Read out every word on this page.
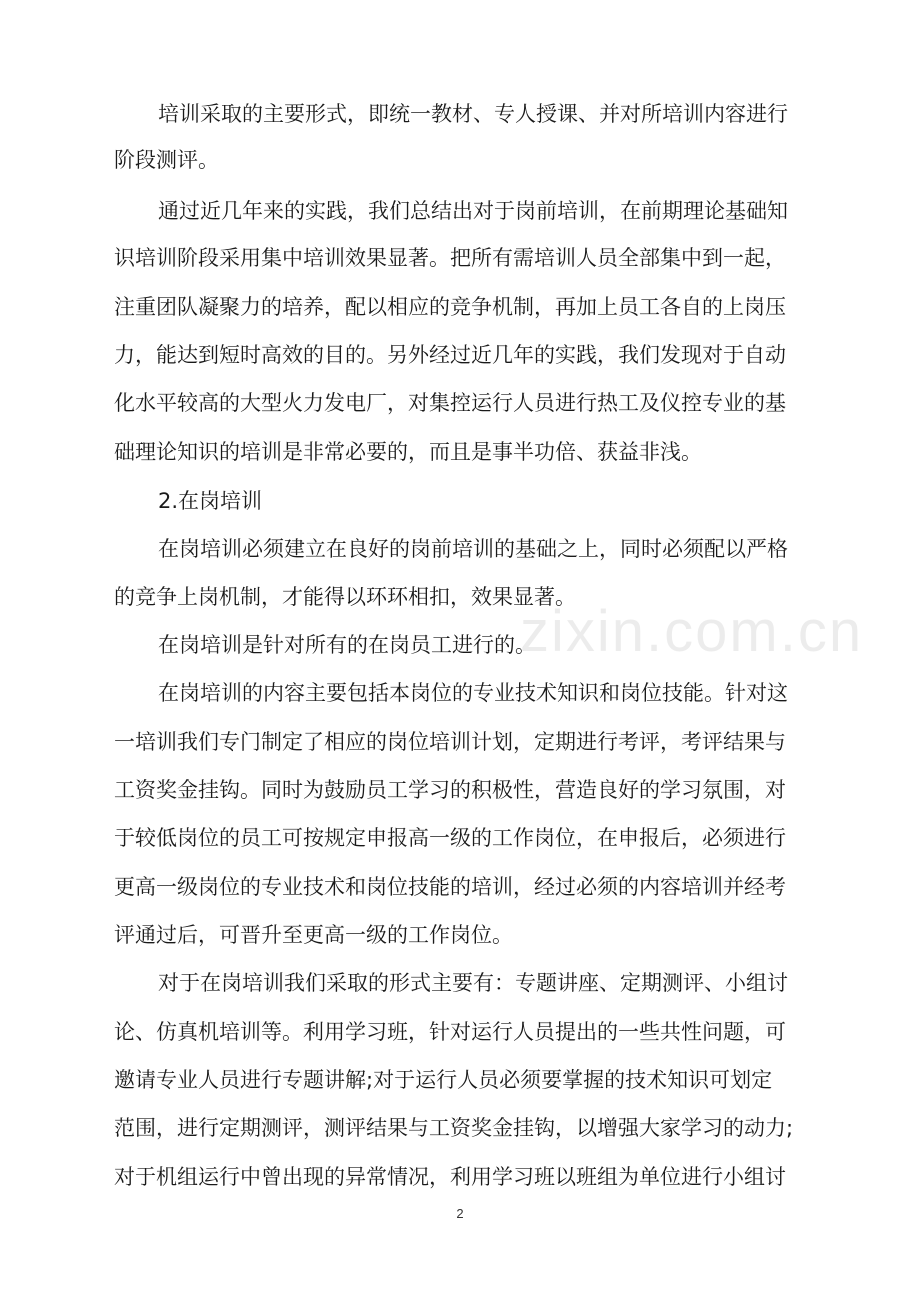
培训采取的主要形式，即统一教材、专人授课、并对所培训内容进行
阶段测评。
通过近几年来的实践，我们总结出对于岗前培训，在前期理论基础知
识培训阶段采用集中培训效果显著。把所有需培训人员全部集中到一起，
注重团队凝聚力的培养，配以相应的竞争机制，再加上员工各自的上岗压
力，能达到短时高效的目的。另外经过近几年的实践，我们发现对于自动
化水平较高的大型火力发电厂，对集控运行人员进行热工及仪控专业的基
础理论知识的培训是非常必要的，而且是事半功倍、获益非浅。
2.在岗培训
在岗培训必须建立在良好的岗前培训的基础之上，同时必须配以严格
的竞争上岗机制，才能得以环环相扣，效果显著。
在岗培训是针对所有的在岗员工进行的。
在岗培训的内容主要包括本岗位的专业技术知识和岗位技能。针对这
一培训我们专门制定了相应的岗位培训计划，定期进行考评，考评结果与
工资奖金挂钩。同时为鼓励员工学习的积极性，营造良好的学习氛围，对
于较低岗位的员工可按规定申报高一级的工作岗位，在申报后，必须进行
更高一级岗位的专业技术和岗位技能的培训，经过必须的内容培训并经考
评通过后，可晋升至更高一级的工作岗位。
对于在岗培训我们采取的形式主要有：专题讲座、定期测评、小组讨
论、仿真机培训等。利用学习班，针对运行人员提出的一些共性问题，可
邀请专业人员进行专题讲解;对于运行人员必须要掌握的技术知识可划定
范围，进行定期测评，测评结果与工资奖金挂钩，以增强大家学习的动力;
对于机组运行中曾出现的异常情况，利用学习班以班组为单位进行小组讨
zixin.com.cn
2
